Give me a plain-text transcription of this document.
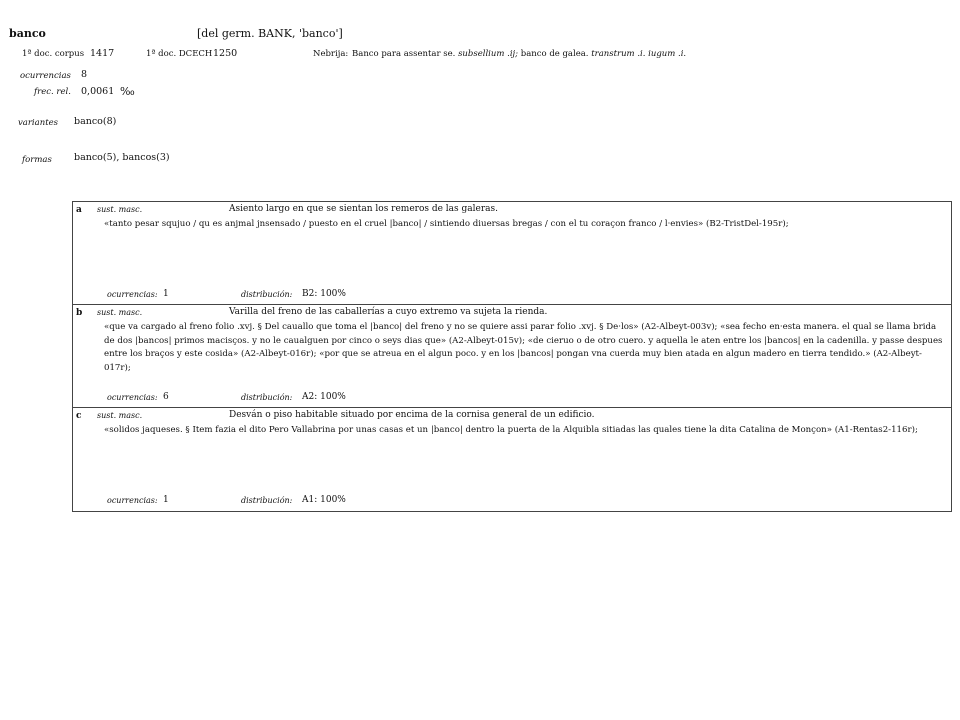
banco	[del germ. BANK, 'banco']
1ª doc. corpus 1417	1ª doc. DCECH 1250	Nebrija: Banco para assentar se. subsellium .ij; banco de galea. transtrum .i. iugum .i.
ocurrencias 8
frec. rel. 0,0061 ‰
variantes banco(8)
formas banco(5), bancos(3)
a sust. masc.	Asiento largo en que se sientan los remeros de las galeras.
«tanto pesar squjuo / qu es anjmal jnsensado / puesto en el cruel |banco| / sintiendo diuersas bregas / con el tu coraçon franco / l·envies» (B2-TristDel-195r);
ocurrencias: 1	distribución: B2: 100%
b sust. masc.	Varilla del freno de las caballerías a cuyo extremo va sujeta la rienda.
«que va cargado al freno folio .xvj. § Del cauallo que toma el |banco| del freno y no se quiere assi parar folio .xvj. § De·los» (A2-Albeyt-003v); «sea fecho en·esta manera. el qual se llama brida de dos |bancos| primos macisços. y no le caualguen por cinco o seys dias que» (A2-Albeyt-015v); «de cieruo o de otro cuero. y aquella le aten entre los |bancos| en la cadenilla. y passe despues entre los braços y este cosida» (A2-Albeyt-016r); «por que se atreua en el algun poco. y en los |bancos| pongan vna cuerda muy bien atada en algun madero en tierra tendido.» (A2-Albeyt-017r);
ocurrencias: 6	distribución: A2: 100%
c sust. masc.	Desván o piso habitable situado por encima de la cornisa general de un edificio.
«solidos jaqueses. § Item fazia el dito Pero Vallabrina por unas casas et un |banco| dentro la puerta de la Alquibla sitiadas las quales tiene la dita Catalina de Monçon» (A1-Rentas2-116r);
ocurrencias: 1	distribución: A1: 100%
